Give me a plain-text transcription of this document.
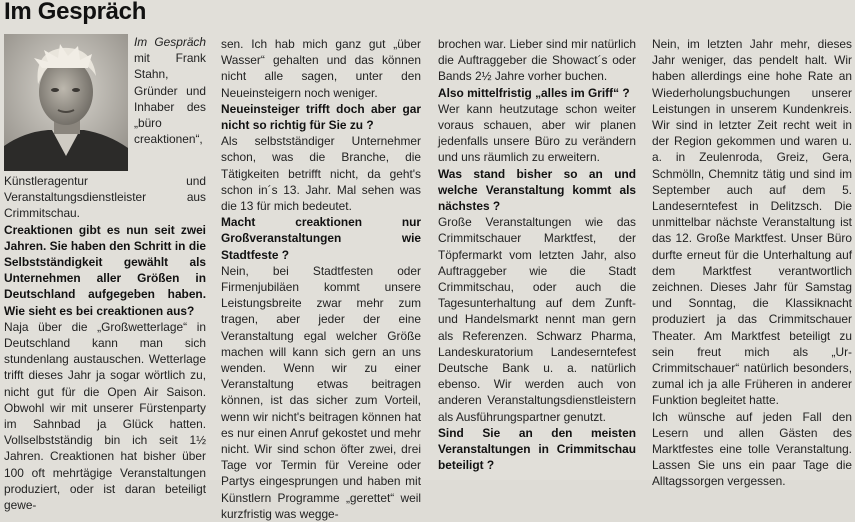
Im Gespräch

Im Gespräch mit Frank Stahn, Gründer und Inhaber des „büro creaktionen“, Künstleragentur und Veranstaltungsdienstleister aus Crimmitschau.

Creaktionen gibt es nun seit zwei Jahren. Sie haben den Schritt in die Selbstständigkeit gewählt als Unternehmen aller Größen in Deutschland aufgegeben haben. Wie sieht es bei creaktionen aus?

Naja über die „Großwetterlage“ in Deutschland kann man sich stundenlang austauschen. Wetterlage trifft dieses Jahr ja sogar wörtlich zu, nicht gut für die Open Air Saison. Obwohl wir mit unserer Fürstenparty im Sahnbad ja Glück hatten. Vollselbstständig bin ich seit 1½ Jahren. Creaktionen hat bisher über 100 oft mehrtägige Veranstaltungen produziert, oder ist daran beteiligt gewe-

sen. Ich hab mich ganz gut „über Wasser“ gehalten und das können nicht alle sagen, unter den Neueinsteigern noch weniger.

Neueinsteiger trifft doch aber gar nicht so richtig für Sie zu ?

Als selbstständiger Unternehmer schon, was die Branche, die Tätigkeiten betrifft nicht, da geht's schon in´s 13. Jahr. Mal sehen was die 13 für mich bedeutet.

Macht creaktionen nur Großveranstaltungen wie Stadtfeste ?

Nein, bei Stadtfesten oder Firmenjubiläen kommt unsere Leistungsbreite zwar mehr zum tragen, aber jeder der eine Veranstaltung egal welcher Größe machen will kann sich gern an uns wenden. Wenn wir zu einer Veranstaltung etwas beitragen können, ist das sicher zum Vorteil, wenn wir nicht's beitragen können hat es nur einen Anruf gekostet und mehr nicht. Wir sind schon öfter zwei, drei Tage vor Termin für Vereine oder Partys eingesprungen und haben mit Künstlern Programme „gerettet“ weil kurzfristig was wegge-

brochen war. Lieber sind mir natürlich die Auftraggeber die Showact´s oder Bands 2½ Jahre vorher buchen.

Also mittelfristig „alles im Griff“ ?

Wer kann heutzutage schon weiter voraus schauen, aber wir planen jedenfalls unsere Büro zu verändern und uns räumlich zu erweitern.

Was stand bisher so an und welche Veranstaltung kommt als nächstes ?

Große Veranstaltungen wie das Crimmitschauer Marktfest, der Töpfermarkt vom letzten Jahr, also Auftraggeber wie die Stadt Crimmitschau, oder auch die Tagesunterhaltung auf dem Zunft- und Handelsmarkt nennt man gern als Referenzen. Schwarz Pharma, Landeskuratorium Landeserntefest Deutsche Bank u. a. natürlich ebenso. Wir werden auch von anderen Veranstaltungsdienstleistern als Ausführungspartner genutzt.

Sind Sie an den meisten Veranstaltungen in Crimmitschau beteiligt ?

Nein, im letzten Jahr mehr, dieses Jahr weniger, das pendelt halt. Wir haben allerdings eine hohe Rate an Wiederholungsbuchungen unserer Leistungen in unserem Kundenkreis. Wir sind in letzter Zeit recht weit in der Region gekommen und waren u. a. in Zeulenroda, Greiz, Gera, Schmölln, Chemnitz tätig und sind im September auch auf dem 5. Landeserntefest in Delitzsch. Die unmittelbar nächste Veranstaltung ist das 12. Große Marktfest. Unser Büro durfte erneut für die Unterhaltung auf dem Marktfest verantwortlich zeichnen. Dieses Jahr für Samstag und Sonntag, die Klassiknacht produziert ja das Crimmitschauer Theater. Am Marktfest beteiligt zu sein freut mich als „Ur- Crimmitschauer“ natürlich besonders, zumal ich ja alle Früheren in anderer Funktion begleitet hatte.

Ich wünsche auf jeden Fall den Lesern und allen Gästen des Marktfestes eine tolle Veranstaltung. Lassen Sie uns ein paar Tage die Alltagssorgen vergessen.
